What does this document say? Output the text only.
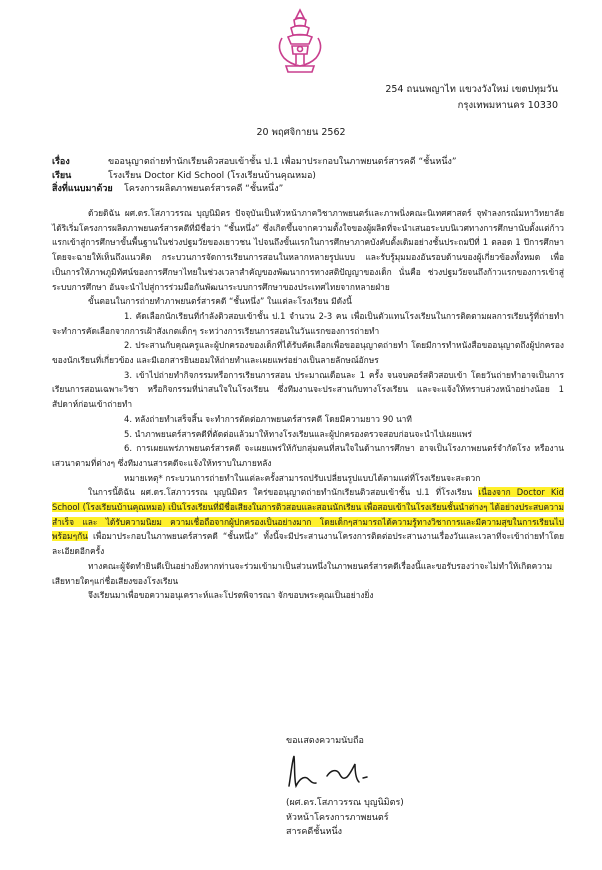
254 ถนนพญาไท แขวงวังใหม่ เขตปทุมวัน
กรุงเทพมหานคร 10330
20 พฤศจิกายน 2562
เรื่อง	ขออนุญาตถ่ายทำนักเรียนติวสอบเข้าชั้น ป.1 เพื่อมาประกอบในภาพยนตร์สารคดี “ชั้นหนึ่ง”
เรียน	โรงเรียน Doctor Kid School (โรงเรียนบ้านคุณหมอ)
สิ่งที่แนบมาด้วย	โครงการผลิตภาพยนตร์สารคดี “ชั้นหนึ่ง”

ด้วยดิฉัน ผศ.ดร.โสภาวรรณ บุญนิมิตร ปัจจุบันเป็นหัวหน้าภาควิชาภาพยนตร์และภาพนิ่งคณะนิเทศศาสตร์ จุฬาลงกรณ์มหาวิทยาลัย ได้ริเริ่มโครงการผลิตภาพยนตร์สารคดีที่มีชื่อว่า “ชั้นหนึ่ง” ซึ่งเกิดขึ้นจากความตั้งใจของผู้ผลิตที่จะนำเสนอระบบนิเวศทางการศึกษานับตั้งแต่ก้าวแรกเข้าสู่การศึกษาขั้นพื้นฐานในช่วงปฐมวัยของเยาวชน ไปจนถึงขั้นแรกในการศึกษาภาคบังคับตั้งเดิมอย่างชั้นประถมปีที่ 1 ตลอด 1 ปีการศึกษา โดยจะฉายให้เห็นถึงแนวคิด กระบวนการจัดการเรียนการสอนในหลากหลายรูปแบบ และรับรู้มุมมองอันรอบด้านของผู้เกี่ยวข้องทั้งหมด เพื่อเป็นการให้ภาพภูมิทัศน์ของการศึกษาไทยในช่วงเวลาสำคัญของพัฒนาการทางสติปัญญาของเด็ก นั่นคือ ช่วงปฐมวัยจนถึงก้าวแรกของการเข้าสู่ระบบการศึกษา อันจะนำไปสู่การร่วมมือกันพัฒนาระบบการศึกษาของประเทศไทยจากหลายฝ่าย

ขั้นตอนในการถ่ายทำภาพยนตร์สารคดี “ชั้นหนึ่ง” ในแต่ละโรงเรียน มีดังนี้

1. คัดเลือกนักเรียนที่กำลังติวสอบเข้าชั้น ป.1 จำนวน 2-3 คน เพื่อเป็นตัวแทนโรงเรียนในการติดตามผลการเรียนรู้ที่ถ่ายทำจะทำการคัดเลือกจากการเฝ้าสังเกตเด็กๆ ระหว่างการเรียนการสอนในวันแรกของการถ่ายทำ

2. ประสานกับคุณครูและผู้ปกครองของเด็กที่ได้รับคัดเลือกเพื่อขออนุญาตถ่ายทำ โดยมีการทำหนังสือขออนุญาตถึงผู้ปกครองของนักเรียนที่เกี่ยวข้อง และมีเอกสารยินยอมให้ถ่ายทำและเผยแพร่อย่างเป็นลายลักษณ์อักษร

3. เข้าไปถ่ายทำกิจกรรมหรือการเรียนการสอน ประมาณเดือนละ 1 ครั้ง จนจบคอร์สติวสอบเข้า โดยวันถ่ายทำอาจเป็นการเรียนการสอนเฉพาะวิชา หรือกิจกรรมที่น่าสนใจในโรงเรียน ซึ่งทีมงานจะประสานกับทางโรงเรียน และจะแจ้งให้ทราบล่วงหน้าอย่างน้อย 1 สัปดาห์ก่อนเข้าถ่ายทำ

4. หลังถ่ายทำเสร็จสิ้น จะทำการตัดต่อภาพยนตร์สารคดี โดยมีความยาว 90 นาที

5. นำภาพยนตร์สารคดีที่ตัดต่อแล้วมาให้ทางโรงเรียนและผู้ปกครองตรวจสอบก่อนจะนำไปเผยแพร่

6. การเผยแพร่ภาพยนตร์สารคดี จะเผยแพร่ให้กับกลุ่มคนที่สนใจในด้านการศึกษา อาจเป็นโรงภาพยนตร์จำกัดโรง หรืองานเสวนาตามที่ต่างๆ ซึ่งทีมงานสารคดีจะแจ้งให้ทราบในภายหลัง

หมายเหตุ* กระบวนการถ่ายทำในแต่ละครั้งสามารถปรับเปลี่ยนรูปแบบได้ตามแต่ที่โรงเรียนจะสะดวก

ในการนี้ดิฉัน ผศ.ดร.โสภาวรรณ บุญนิมิตร ใคร่ขออนุญาตถ่ายทำนักเรียนติวสอบเข้าชั้น ป.1 ที่โรงเรียน เนื่องจาก Doctor Kid School (โรงเรียนบ้านคุณหมอ) เป็นโรงเรียนที่มีชื่อเสียงในการติวสอบและสอนนักเรียน เพื่อสอบเข้าในโรงเรียนชั้นนำต่างๆ ได้อย่างประสบความสำเร็จ และ ได้รับความนิยม ความเชื่อถือจากผู้ปกครองเป็นอย่างมาก โดยเด็กๆสามารถได้ความรู้ทางวิชาการและมีความสุขในการเรียนไปพร้อมๆกัน เพื่อมาประกอบในภาพยนตร์สารคดี “ชั้นหนึ่ง” ทั้งนี้จะมีประสานงานโครงการติดต่อประสานงานเรื่องวันและเวลาที่จะเข้าถ่ายทำโดยละเอียดอีกครั้ง

ทางคณะผู้จัดทำยินดีเป็นอย่างยิ่งหากท่านจะร่วมเข้ามาเป็นส่วนหนึ่งในภาพยนตร์สารคดีเรื่องนี้และขอรับรองว่าจะไม่ทำให้เกิดความเสียหายใดๆแก่ชื่อเสียงของโรงเรียน

จึงเรียนมาเพื่อขอความอนุเคราะห์และโปรดพิจารณา จักขอบพระคุณเป็นอย่างยิ่ง

ขอแสดงความนับถือ
(ผศ.ดร.โสภาวรรณ บุญนิมิตร)
หัวหน้าโครงการภาพยนตร์
สารคดีชั้นหนึ่ง
